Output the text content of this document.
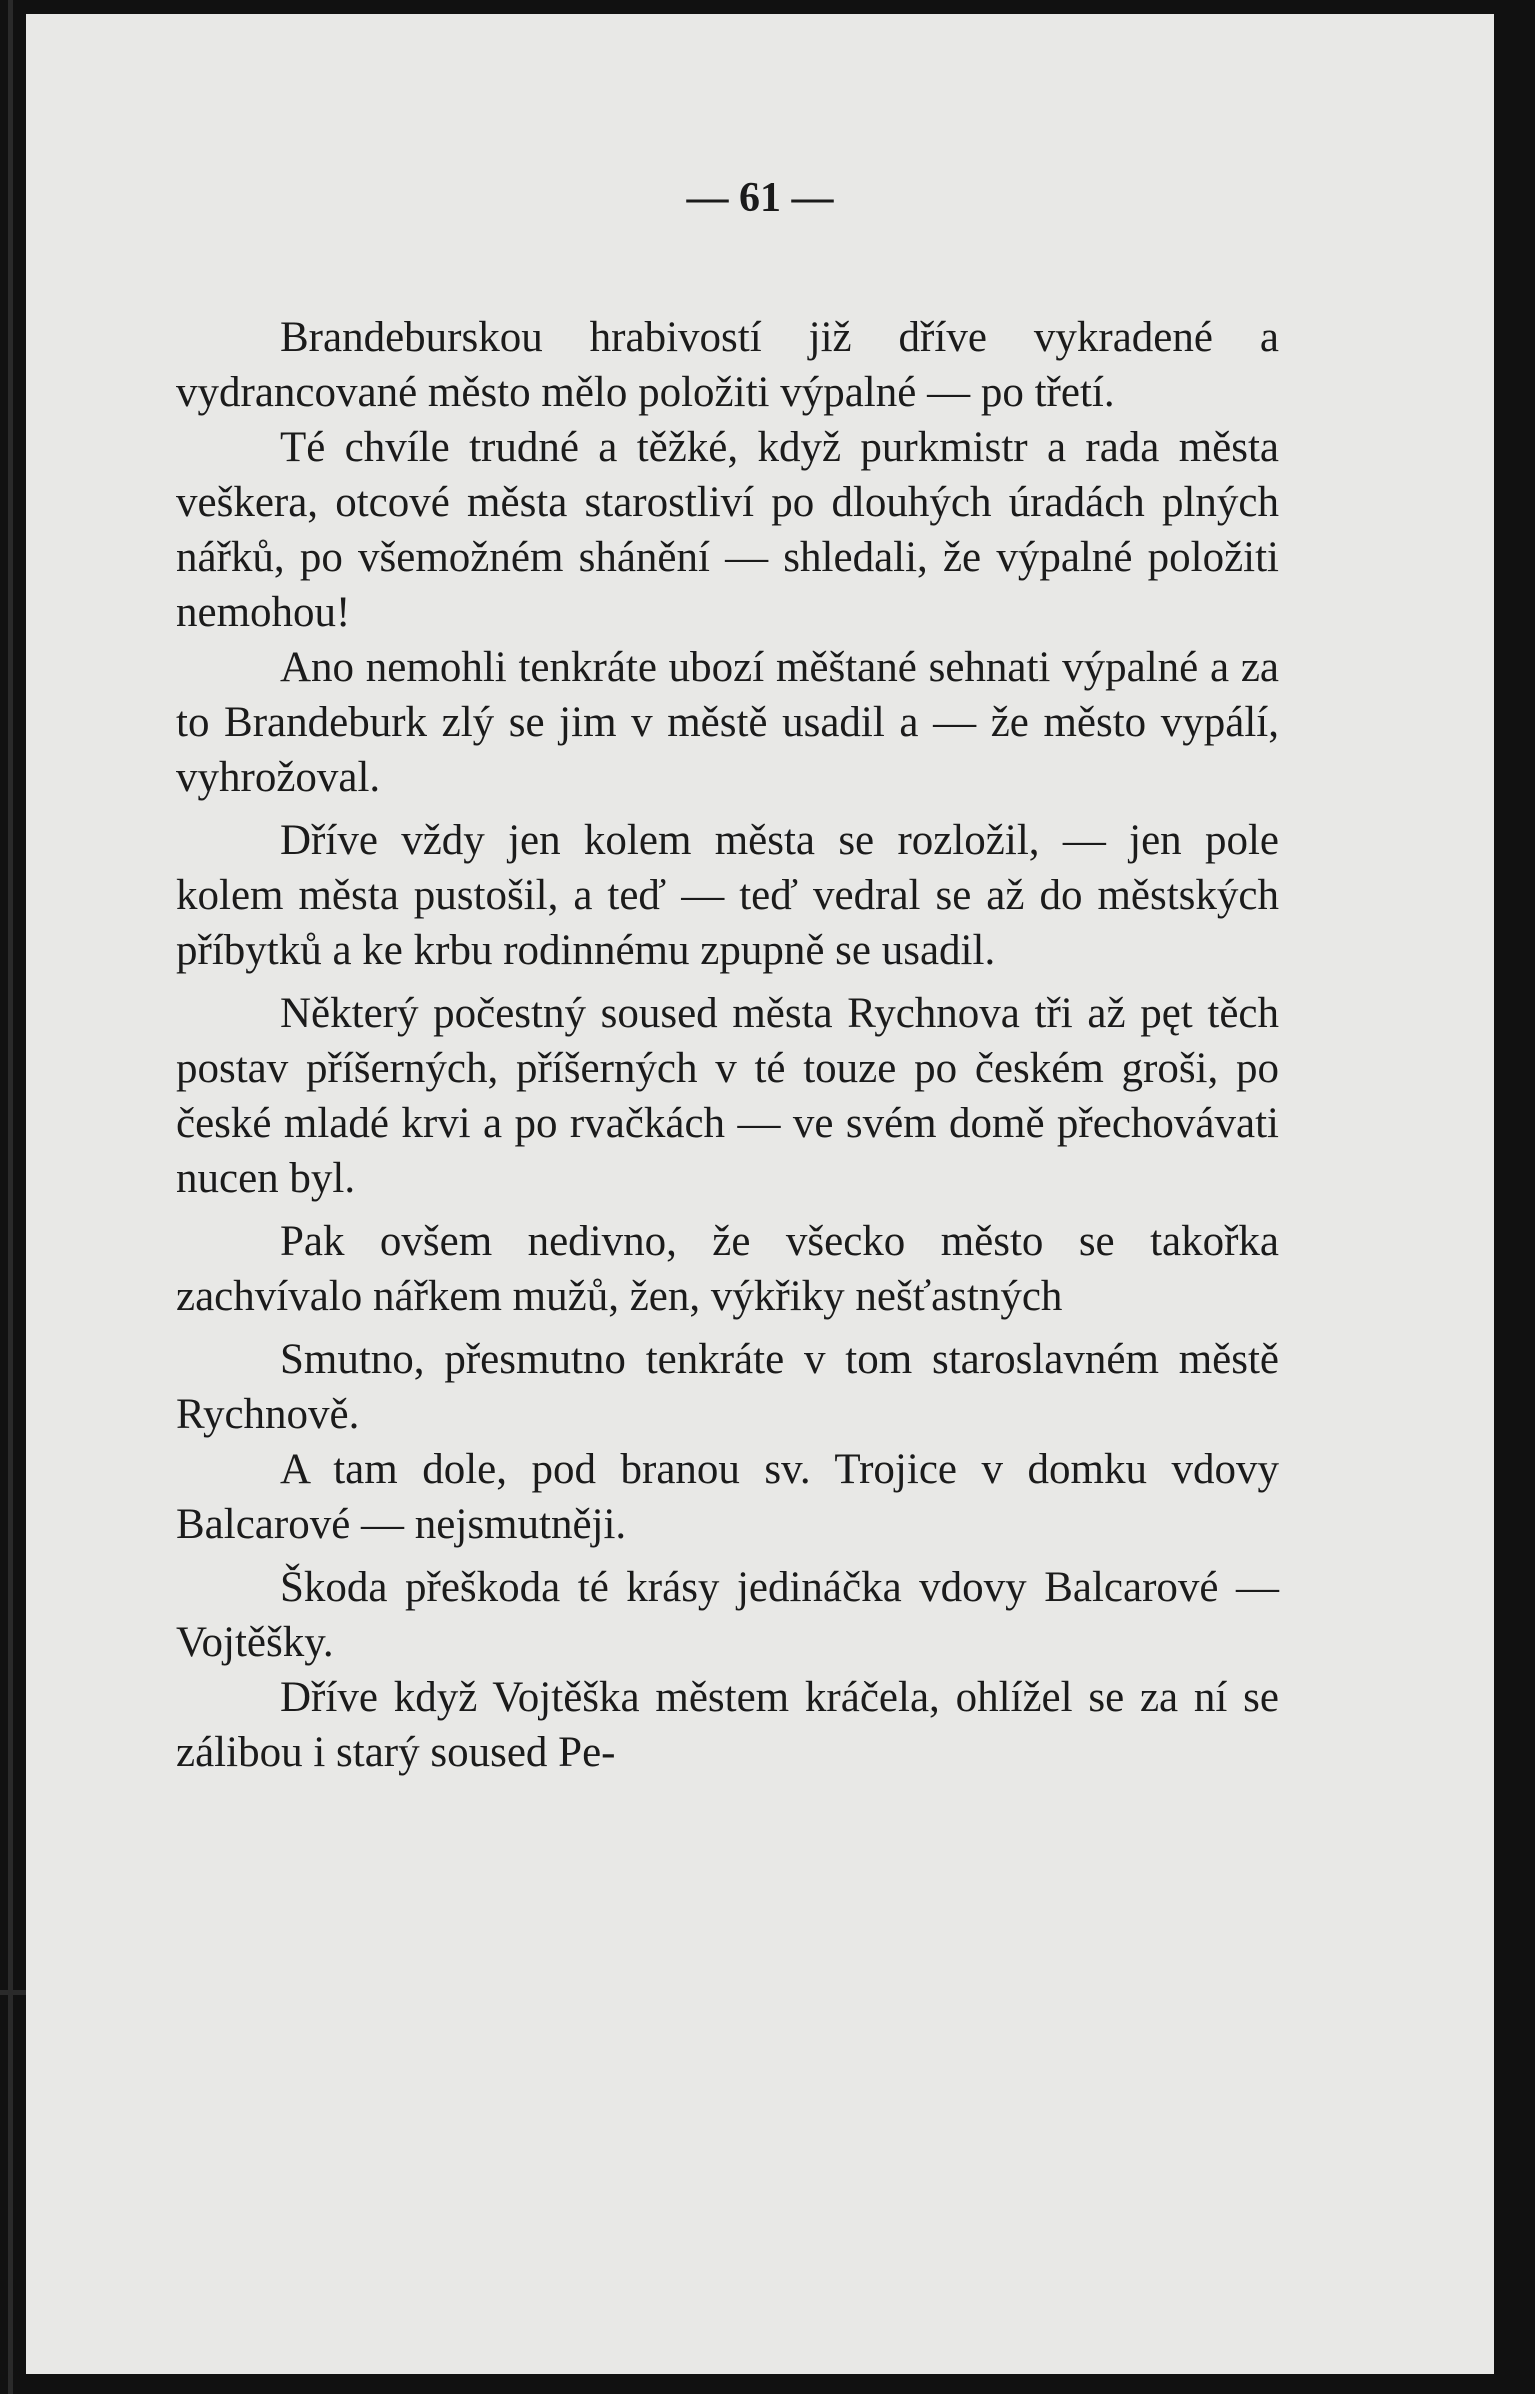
— 61 —

Brandeburskou hrabivostí již dříve vykradené a vydrancované město mělo položiti výpalné — po třetí.

Té chvíle trudné a těžké, když purkmistr a rada města veškera, otcové města starostliví po dlouhých úradách plných nářků, po všemožném shánění — shledali, že výpalné položiti nemohou!

Ano nemohli tenkráte ubozí měštané sehnati výpalné a za to Brandeburk zlý se jim v městě usadil a — že město vypálí, vyhrožoval.

Dříve vždy jen kolem města se rozložil, — jen pole kolem města pustošil, a teď — teď vedral se až do městských příbytků a ke krbu rodinnému zpupně se usadil.

Některý počestný soused města Rychnova tři až pęt těch postav příšerných, příšerných v té touze po českém groši, po české mladé krvi a po rvačkách — ve svém domě přechovávati nucen byl.

Pak ovšem nedivno, že všecko město se takořka zachvívalo nářkem mužů, žen, výkřiky nešťastných

Smutno, přesmutno tenkráte v tom staroslavném městě Rychnově.

A tam dole, pod branou sv. Trojice v domku vdovy Balcarové — nejsmutněji.

Škoda přeškoda té krásy jedináčka vdovy Balcarové — Vojtěšky.

Dříve když Vojtěška městem kráčela, ohlížel se za ní se zálibou i starý soused Pe-
